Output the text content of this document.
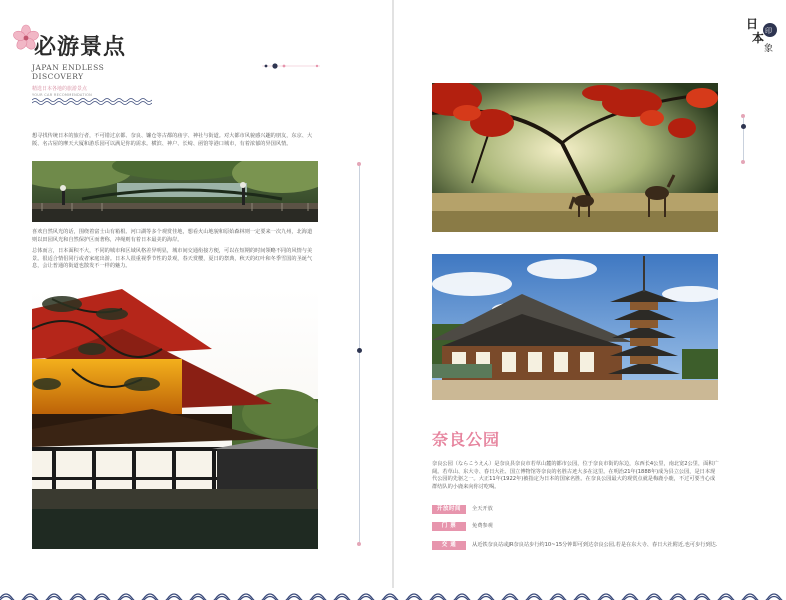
必游景点
JAPAN ENDLESS
DISCOVERY
精选日本各地的旅游景点
YOUR CAR RECOMMENDATION

想寻找传统日本的旅行者，不可错过京都、奈良、镰仓等古都的庙宇、神社与街道。对大都市风貌感兴趣的朋友，东京、大阪、名古屋的摩天大厦和游乐园可以满足你的需求。横滨、神户、长崎、函馆等港口城市，有着浓郁的异国风情。

喜欢自然风光的话，围绕着富士山有箱根、河口湖等多个观赏佳地，想看火山地貌和原始森林则一定要来一次九州，北海道则以田园风光和自然保护区而著称，冲绳则有着日本最美的海岸。

总体而言，日本面积不大，不同的城市和区域风格差异明显，城市间交通衔接方便，可以在短期的时间领略不同的风情与美景。很适合情侣同行或者家庭出游。日本人很重视季节性的景观，春天赏樱，夏日的祭典，秋天的红叶和冬季雪国的圣诞气息，会让普通的街道也散发不一样的魅力。

日
本 印
象
奈良公园

奈良公园（ならこうえん）是奈良县奈良市若草山麓的都市公园，位于奈良市街的东边，东西长4公里，南北宽2公里，面积广阔。若草山、东大寺、春日大社、国立博物馆等奈良的名胜古迹大多在这里。在明治21年(1888年)成为县立公园，是日本现代公园的先驱之一。大正11年(1922年)被指定为日本的国家名胜。在奈良公园最大的观赏点就是梅鹿小鹿，不过可要当心成群结队的小鹿来向你讨吃喝。

开放时间	全天开放
门 票	免费参观
交 通	从近铁奈良站或JR奈良站步行约10~15分钟即可到达奈良公园,若是在东大寺、春日大社附近,也可步行到达.
